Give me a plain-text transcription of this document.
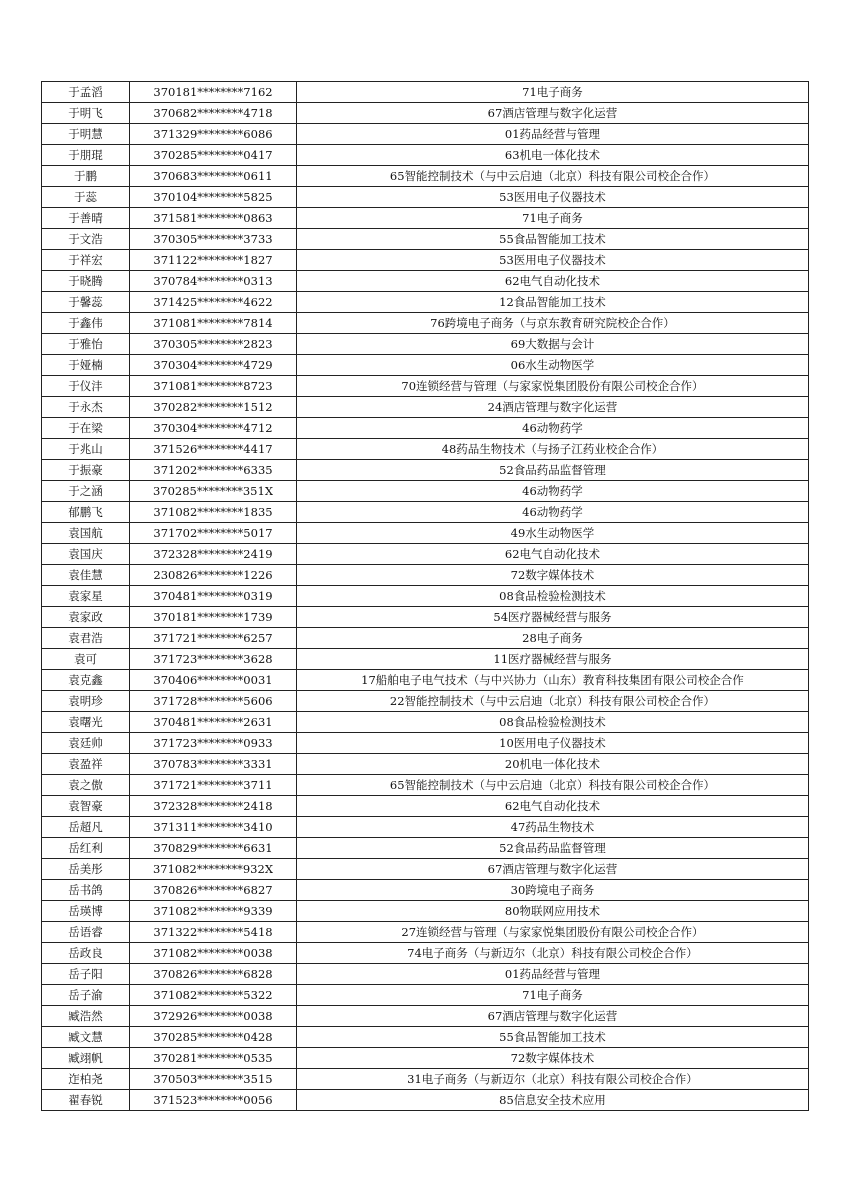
于孟滔	370181********7162	71电子商务
于明飞	370682********4718	67酒店管理与数字化运营
于明慧	371329********6086	01药品经营与管理
于朋琨	370285********0417	63机电一体化技术
于鹏	370683********0611	65智能控制技术（与中云启迪（北京）科技有限公司校企合作）
于蕊	370104********5825	53医用电子仪器技术
于善晴	371581********0863	71电子商务
于文浩	370305********3733	55食品智能加工技术
于祥宏	371122********1827	53医用电子仪器技术
于晓腾	370784********0313	62电气自动化技术
于馨蕊	371425********4622	12食品智能加工技术
于鑫伟	371081********7814	76跨境电子商务（与京东教育研究院校企合作）
于雅怡	370305********2823	69大数据与会计
于娅楠	370304********4729	06水生动物医学
于仪沣	371081********8723	70连锁经营与管理（与家家悦集团股份有限公司校企合作）
于永杰	370282********1512	24酒店管理与数字化运营
于在梁	370304********4712	46动物药学
于兆山	371526********4417	48药品生物技术（与扬子江药业校企合作）
于振豪	371202********6335	52食品药品监督管理
于之涵	370285********351X	46动物药学
郁鹏飞	371082********1835	46动物药学
袁国航	371702********5017	49水生动物医学
袁国庆	372328********2419	62电气自动化技术
袁佳慧	230826********1226	72数字媒体技术
袁家星	370481********0319	08食品检验检测技术
袁家政	370181********1739	54医疗器械经营与服务
袁君浩	371721********6257	28电子商务
袁可	371723********3628	11医疗器械经营与服务
袁克鑫	370406********0031	17船舶电子电气技术（与中兴协力（山东）教育科技集团有限公司校企合作
袁明珍	371728********5606	22智能控制技术（与中云启迪（北京）科技有限公司校企合作）
袁曙光	370481********2631	08食品检验检测技术
袁廷帅	371723********0933	10医用电子仪器技术
袁盈祥	370783********3331	20机电一体化技术
袁之傲	371721********3711	65智能控制技术（与中云启迪（北京）科技有限公司校企合作）
袁智豪	372328********2418	62电气自动化技术
岳超凡	371311********3410	47药品生物技术
岳红利	370829********6631	52食品药品监督管理
岳美彤	371082********932X	67酒店管理与数字化运营
岳书鸽	370826********6827	30跨境电子商务
岳瑛博	371082********9339	80物联网应用技术
岳语睿	371322********5418	27连锁经营与管理（与家家悦集团股份有限公司校企合作）
岳政良	371082********0038	74电子商务（与新迈尔（北京）科技有限公司校企合作）
岳子阳	370826********6828	01药品经营与管理
岳子渝	371082********5322	71电子商务
臧浩然	372926********0038	67酒店管理与数字化运营
臧文慧	370285********0428	55食品智能加工技术
臧翊帆	370281********0535	72数字媒体技术
迮柏尧	370503********3515	31电子商务（与新迈尔（北京）科技有限公司校企合作）
翟春锐	371523********0056	85信息安全技术应用
